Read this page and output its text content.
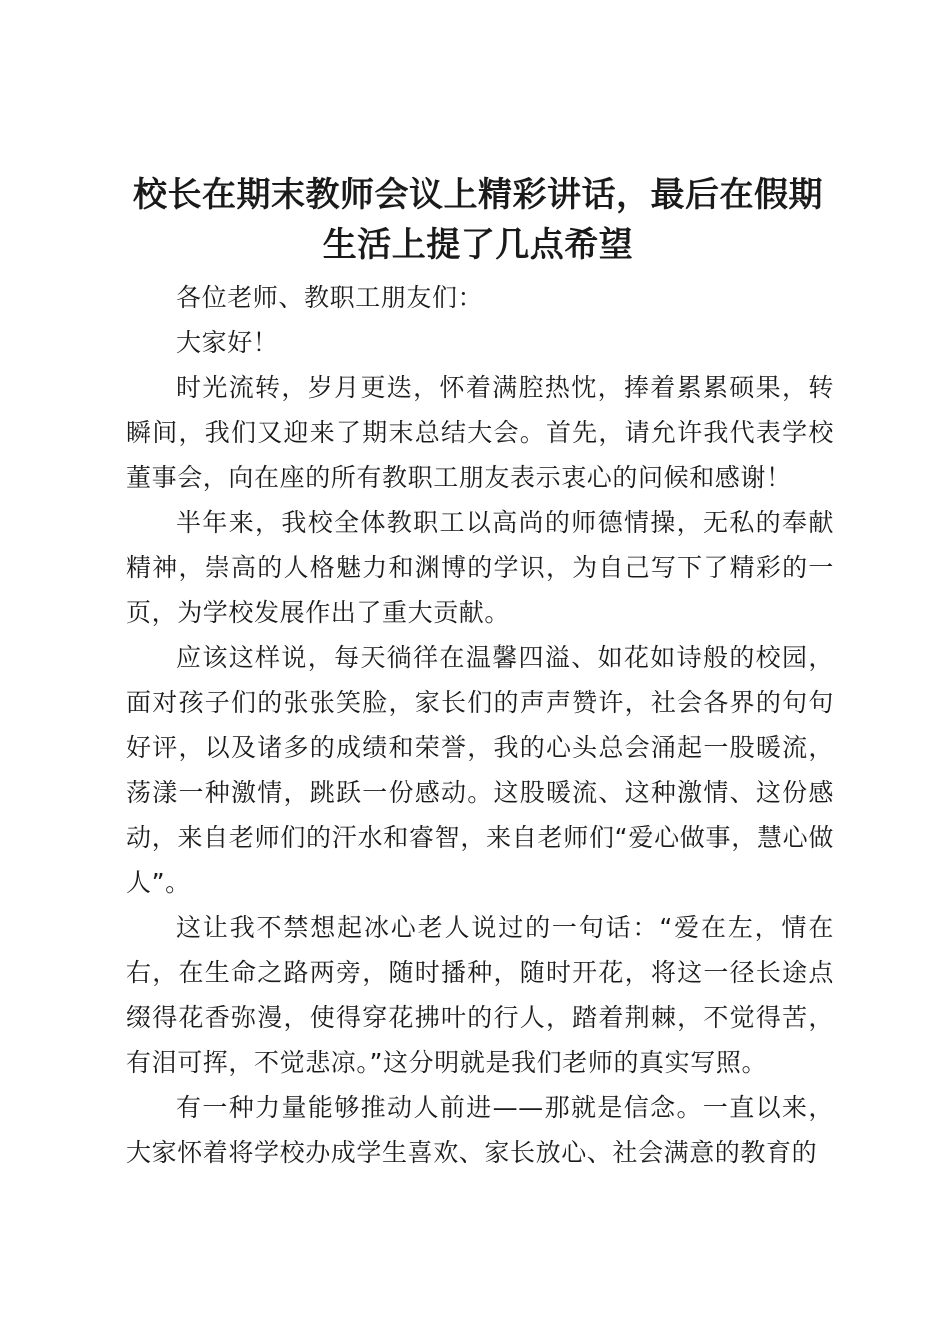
校长在期末教师会议上精彩讲话，最后在假期生活上提了几点希望

各位老师、教职工朋友们：

大家好！

时光流转，岁月更迭，怀着满腔热忱，捧着累累硕果，转瞬间，我们又迎来了期末总结大会。首先，请允许我代表学校董事会，向在座的所有教职工朋友表示衷心的问候和感谢！

半年来，我校全体教职工以高尚的师德情操，无私的奉献精神，崇高的人格魅力和渊博的学识，为自己写下了精彩的一页，为学校发展作出了重大贡献。

应该这样说，每天徜徉在温馨四溢、如花如诗般的校园，面对孩子们的张张笑脸，家长们的声声赞许，社会各界的句句好评，以及诸多的成绩和荣誉，我的心头总会涌起一股暖流，荡漾一种激情，跳跃一份感动。这股暖流、这种激情、这份感动，来自老师们的汗水和睿智，来自老师们“爱心做事，慧心做人”。

这让我不禁想起冰心老人说过的一句话：“爱在左，情在右，在生命之路两旁，随时播种，随时开花，将这一径长途点缀得花香弥漫，使得穿花拂叶的行人，踏着荆棘，不觉得苦，有泪可挥，不觉悲凉。”这分明就是我们老师的真实写照。

有一种力量能够推动人前进——那就是信念。一直以来，大家怀着将学校办成学生喜欢、家长放心、社会满意的教育的
